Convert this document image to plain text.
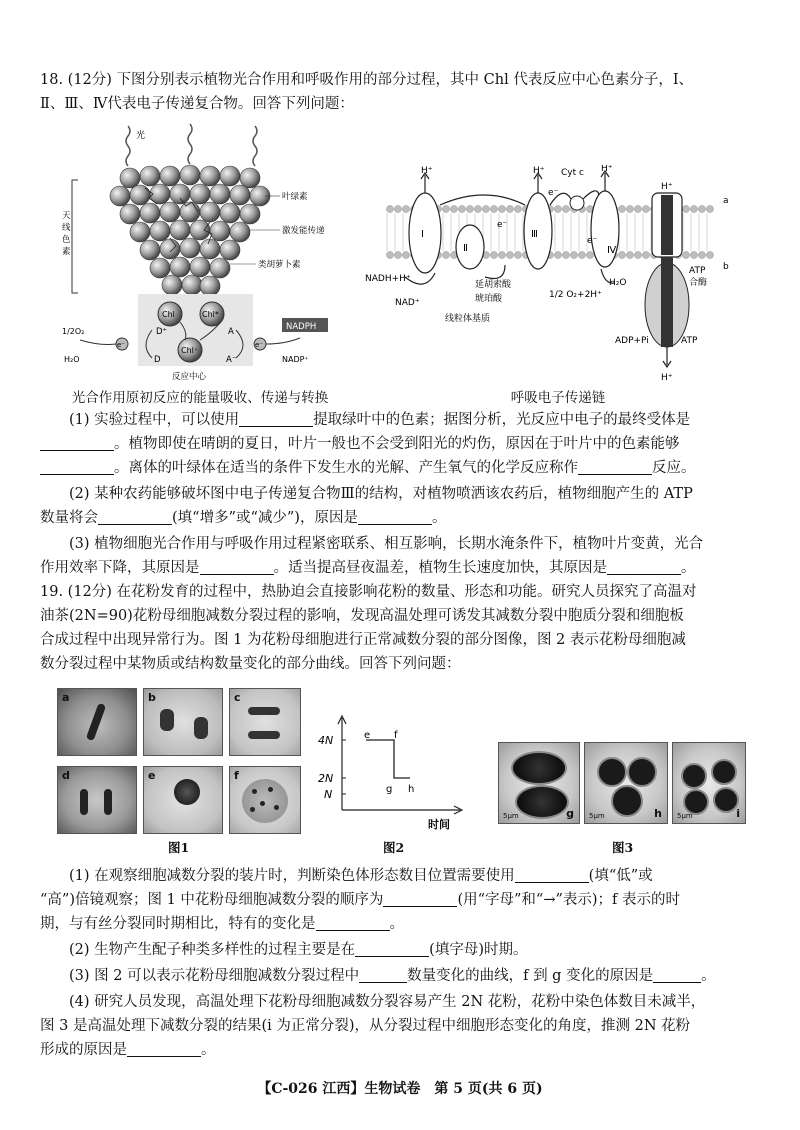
18. (12分) 下图分别表示植物光合作用和呼吸作用的部分过程，其中 Chl 代表反应中心色素分子，Ⅰ、

Ⅱ、Ⅲ、Ⅳ代表电子传递复合物。回答下列问题：

光
天
线
色
素
叶绿素
激发能传递
类胡萝卜素
Chl	Chl*
Chl⁺
D⁺
D
A
A⁻
e⁻	e⁻
1/2O₂
H₂O
NADPH
NADP⁺
反应中心
a
b
Ⅰ
Ⅱ
Ⅲ
Ⅳ
Cyt c
H⁺	H⁺	H⁺
H⁺
H⁺
e⁻
e⁻
e⁻
NADH+H⁺
NAD⁺
延胡索酸
琥珀酸
线粒体基质
1/2 O₂+2H⁺
H₂O
ATP
合酶
ADP+Pi	ATP
光合作用原初反应的能量吸收、传递与转换	呼吸电子传递链

(1) 实验过程中，可以使用	提取绿叶中的色素；据图分析，光反应中电子的最终受体是

。植物即使在晴朗的夏日，叶片一般也不会受到阳光的灼伤，原因在于叶片中的色素能够

。离体的叶绿体在适当的条件下发生水的光解、产生氧气的化学反应称作	反应。

(2) 某种农药能够破坏图中电子传递复合物Ⅲ的结构，对植物喷洒该农药后，植物细胞产生的 ATP

数量将会	(填“增多”或“减少”)，原因是	。

(3) 植物细胞光合作用与呼吸作用过程紧密联系、相互影响，长期水淹条件下，植物叶片变黄，光合

作用效率下降，其原因是	。适当提高昼夜温差，植物生长速度加快，其原因是	。

19. (12分) 在花粉发育的过程中，热胁迫会直接影响花粉的数量、形态和功能。研究人员探究了高温对

油茶(2N=90)花粉母细胞减数分裂过程的影响，发现高温处理可诱发其减数分裂中胞质分裂和细胞板

合成过程中出现异常行为。图 1 为花粉母细胞进行正常减数分裂的部分图像，图 2 表示花粉母细胞减

数分裂过程中某物质或结构数量变化的部分曲线。回答下列问题：

a	b	c
d	e	f
图1
4N
2N
N
e f
g h
时间
图2
g
5μm	h
5μm	i
5μm
图3

(1) 在观察细胞减数分裂的装片时，判断染色体形态数目位置需要使用	(填“低”或

“高”)倍镜观察；图 1 中花粉母细胞减数分裂的顺序为	(用“字母”和“→”表示)；f 表示的时

期，与有丝分裂同时期相比，特有的变化是	。

(2) 生物产生配子种类多样性的过程主要是在	(填字母)时期。

(3) 图 2 可以表示花粉母细胞减数分裂过程中	数量变化的曲线，f 到 g 变化的原因是	。

(4) 研究人员发现，高温处理下花粉母细胞减数分裂容易产生 2N 花粉，花粉中染色体数目未减半，

图 3 是高温处理下减数分裂的结果(i 为正常分裂)，从分裂过程中细胞形态变化的角度，推测 2N 花粉

形成的原因是	。

【C-026 江西】生物试卷　第 5 页(共 6 页)
